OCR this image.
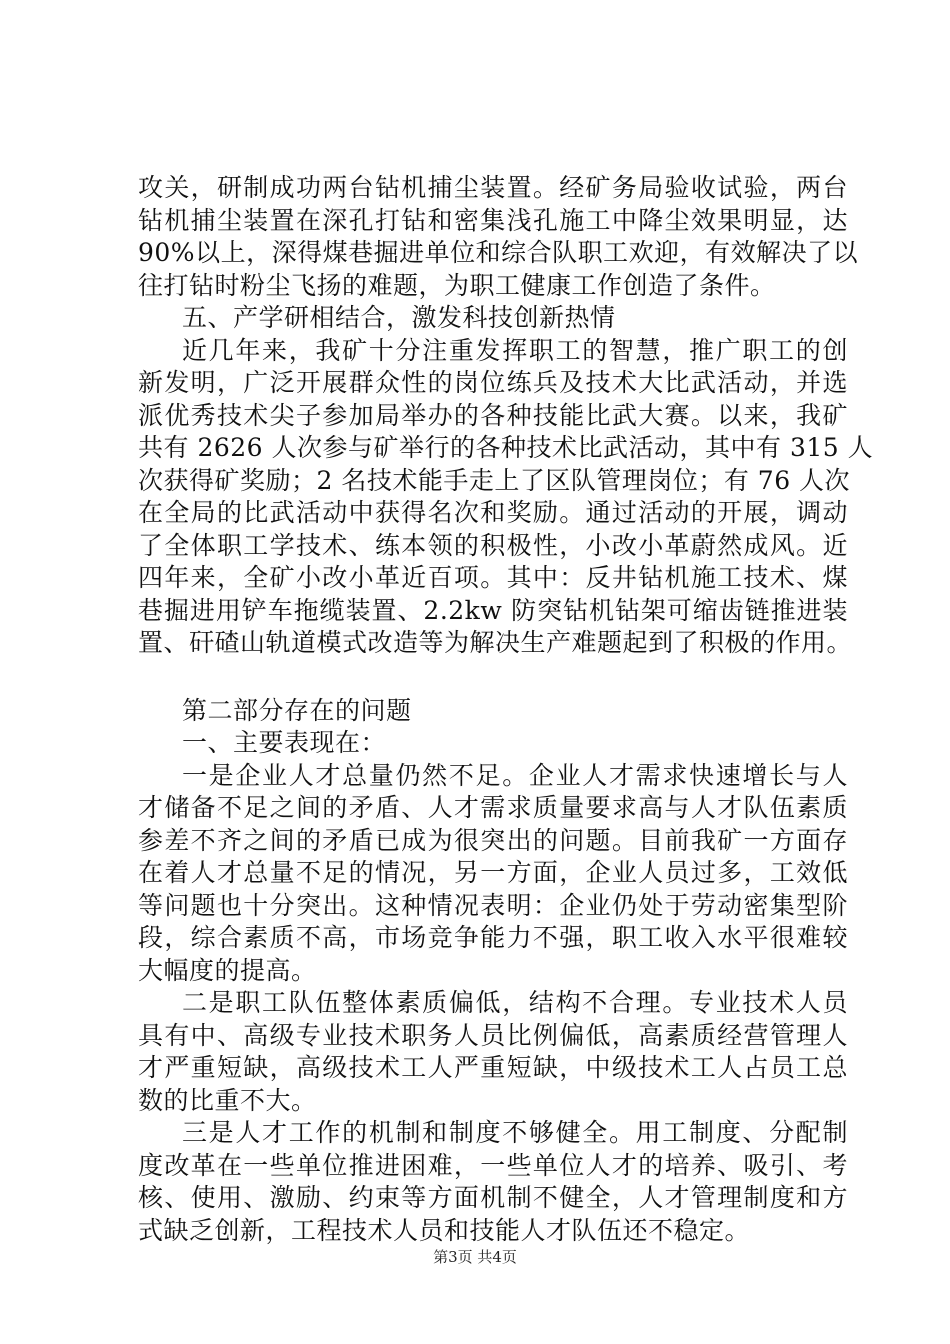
攻关，研制成功两台钻机捕尘装置。经矿务局验收试验，两台
钻机捕尘装置在深孔打钻和密集浅孔施工中降尘效果明显，达
90%以上，深得煤巷掘进单位和综合队职工欢迎，有效解决了以
往打钻时粉尘飞扬的难题，为职工健康工作创造了条件。
五、产学研相结合，激发科技创新热情
近几年来，我矿十分注重发挥职工的智慧，推广职工的创
新发明，广泛开展群众性的岗位练兵及技术大比武活动，并选
派优秀技术尖子参加局举办的各种技能比武大赛。以来，我矿
共有 2626 人次参与矿举行的各种技术比武活动，其中有 315 人
次获得矿奖励；2 名技术能手走上了区队管理岗位；有 76 人次
在全局的比武活动中获得名次和奖励。通过活动的开展，调动
了全体职工学技术、练本领的积极性，小改小革蔚然成风。近
四年来，全矿小改小革近百项。其中：反井钻机施工技术、煤
巷掘进用铲车拖缆装置、2.2kw 防突钻机钻架可缩齿链推进装
置、矸碴山轨道模式改造等为解决生产难题起到了积极的作用。
第二部分存在的问题
一、主要表现在：
一是企业人才总量仍然不足。企业人才需求快速增长与人
才储备不足之间的矛盾、人才需求质量要求高与人才队伍素质
参差不齐之间的矛盾已成为很突出的问题。目前我矿一方面存
在着人才总量不足的情况，另一方面，企业人员过多，工效低
等问题也十分突出。这种情况表明：企业仍处于劳动密集型阶
段，综合素质不高，市场竞争能力不强，职工收入水平很难较
大幅度的提高。
二是职工队伍整体素质偏低，结构不合理。专业技术人员
具有中、高级专业技术职务人员比例偏低，高素质经营管理人
才严重短缺，高级技术工人严重短缺，中级技术工人占员工总
数的比重不大。
三是人才工作的机制和制度不够健全。用工制度、分配制
度改革在一些单位推进困难，一些单位人才的培养、吸引、考
核、使用、激励、约束等方面机制不健全，人才管理制度和方
式缺乏创新，工程技术人员和技能人才队伍还不稳定。
第3页 共4页
